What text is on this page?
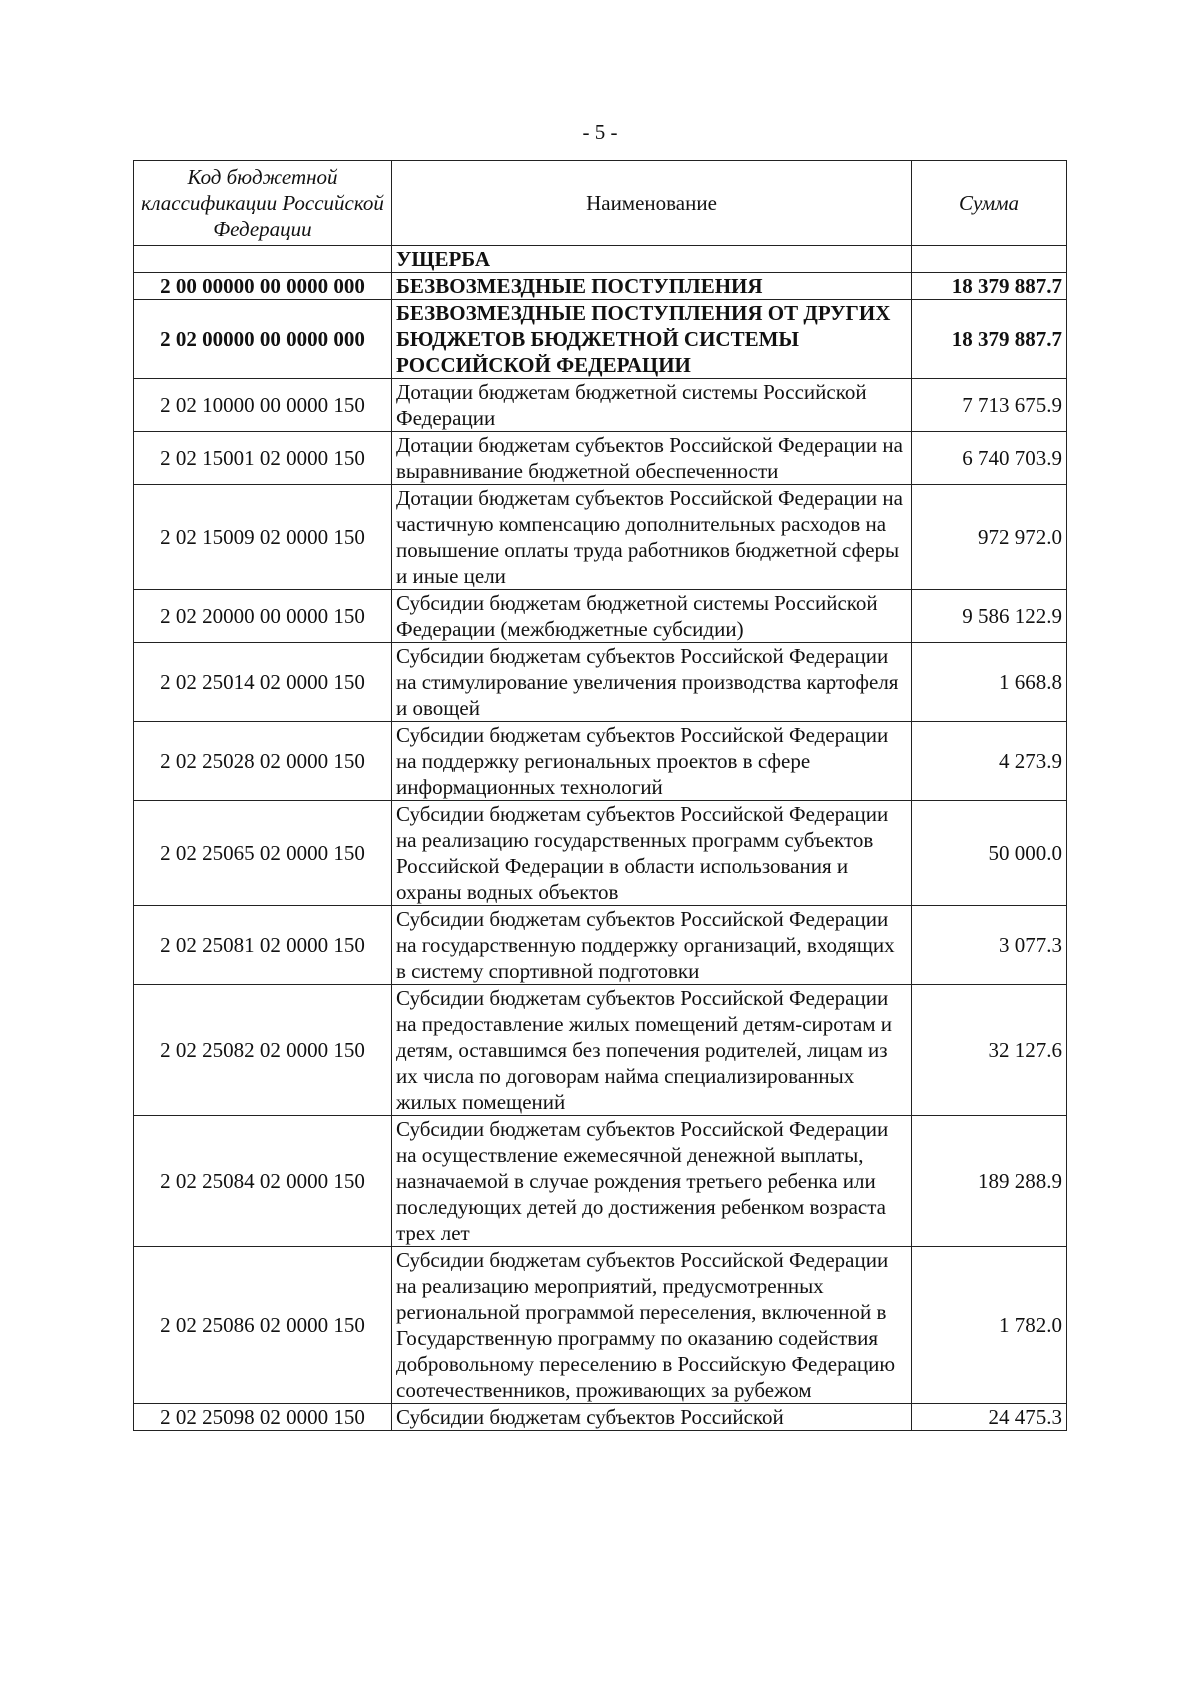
- 5 -
Код бюджетной классификации Российской Федерации	Наименование	Сумма
	УЩЕРБА	
2 00 00000 00 0000 000	БЕЗВОЗМЕЗДНЫЕ ПОСТУПЛЕНИЯ	18 379 887.7
2 02 00000 00 0000 000	БЕЗВОЗМЕЗДНЫЕ ПОСТУПЛЕНИЯ ОТ ДРУГИХ БЮДЖЕТОВ БЮДЖЕТНОЙ СИСТЕМЫ РОССИЙСКОЙ ФЕДЕРАЦИИ	18 379 887.7
2 02 10000 00 0000 150	Дотации бюджетам бюджетной системы Российской Федерации	7 713 675.9
2 02 15001 02 0000 150	Дотации бюджетам субъектов Российской Федерации на выравнивание бюджетной обеспеченности	6 740 703.9
2 02 15009 02 0000 150	Дотации бюджетам субъектов Российской Федерации на частичную компенсацию дополнительных расходов на повышение оплаты труда работников бюджетной сферы и иные цели	972 972.0
2 02 20000 00 0000 150	Субсидии бюджетам бюджетной системы Российской Федерации (межбюджетные субсидии)	9 586 122.9
2 02 25014 02 0000 150	Субсидии бюджетам субъектов Российской Федерации на стимулирование увеличения производства картофеля и овощей	1 668.8
2 02 25028 02 0000 150	Субсидии бюджетам субъектов Российской Федерации на поддержку региональных проектов в сфере информационных технологий	4 273.9
2 02 25065 02 0000 150	Субсидии бюджетам субъектов Российской Федерации на реализацию государственных программ субъектов Российской Федерации в области использования и охраны водных объектов	50 000.0
2 02 25081 02 0000 150	Субсидии бюджетам субъектов Российской Федерации на государственную поддержку организаций, входящих в систему спортивной подготовки	3 077.3
2 02 25082 02 0000 150	Субсидии бюджетам субъектов Российской Федерации на предоставление жилых помещений детям-сиротам и детям, оставшимся без попечения родителей, лицам из их числа по договорам найма специализированных жилых помещений	32 127.6
2 02 25084 02 0000 150	Субсидии бюджетам субъектов Российской Федерации на осуществление ежемесячной денежной выплаты, назначаемой в случае рождения третьего ребенка или последующих детей до достижения ребенком возраста трех лет	189 288.9
2 02 25086 02 0000 150	Субсидии бюджетам субъектов Российской Федерации на реализацию мероприятий, предусмотренных региональной программой переселения, включенной в Государственную программу по оказанию содействия добровольному переселению в Российскую Федерацию соотечественников, проживающих за рубежом	1 782.0
2 02 25098 02 0000 150	Субсидии бюджетам субъектов Российской	24 475.3
